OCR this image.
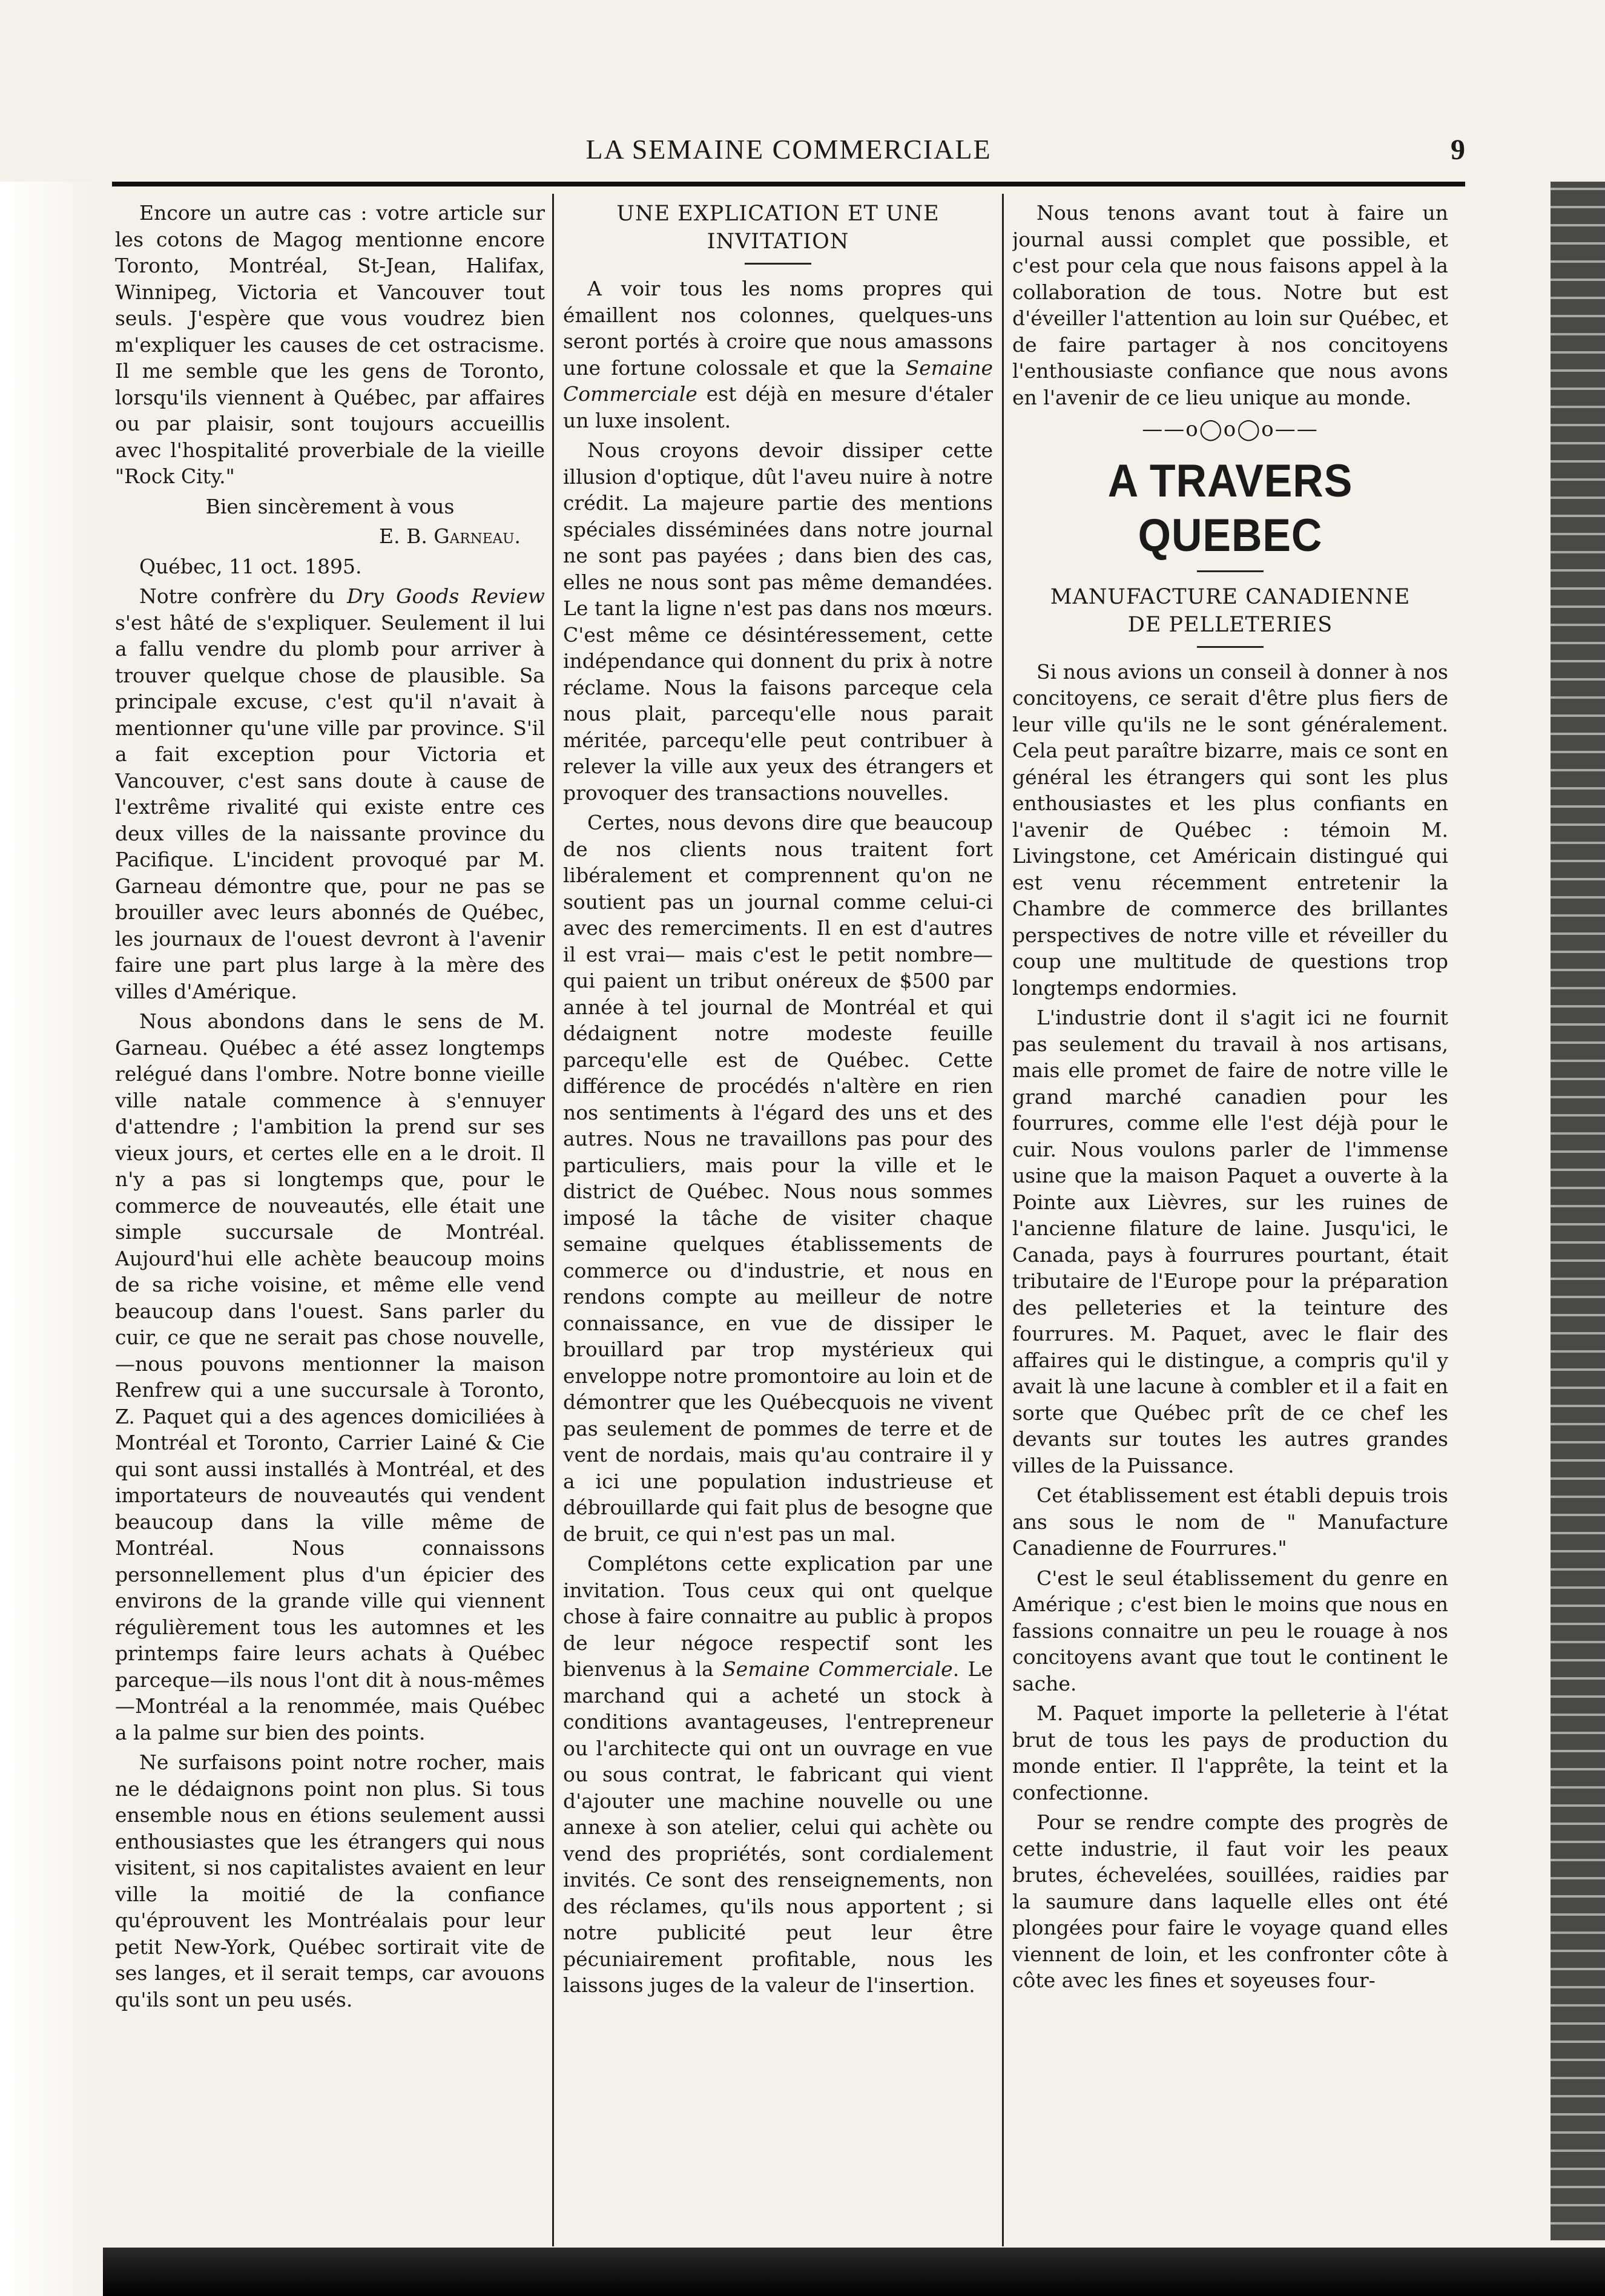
LA SEMAINE COMMERCIALE	9

Encore un autre cas : votre article sur les cotons de Magog mentionne encore Toronto, Montréal, St-Jean, Halifax, Winnipeg, Victoria et Vancouver tout seuls. J'espère que vous voudrez bien m'expliquer les causes de cet ostracisme. Il me semble que les gens de Toronto, lorsqu'ils viennent à Québec, par affaires ou par plaisir, sont toujours accueillis avec l'hospitalité proverbiale de la vieille "Rock City."

Bien sincèrement à vous

E. B. Garneau.

Québec, 11 oct. 1895.

Notre confrère du Dry Goods Review s'est hâté de s'expliquer. Seulement il lui a fallu vendre du plomb pour arriver à trouver quelque chose de plausible. Sa principale excuse, c'est qu'il n'avait à mentionner qu'une ville par province. S'il a fait exception pour Victoria et Vancouver, c'est sans doute à cause de l'extrême rivalité qui existe entre ces deux villes de la naissante province du Pacifique. L'incident provoqué par M. Garneau démontre que, pour ne pas se brouiller avec leurs abonnés de Québec, les journaux de l'ouest devront à l'avenir faire une part plus large à la mère des villes d'Amérique.

Nous abondons dans le sens de M. Garneau. Québec a été assez longtemps relégué dans l'ombre. Notre bonne vieille ville natale commence à s'ennuyer d'attendre ; l'ambition la prend sur ses vieux jours, et certes elle en a le droit. Il n'y a pas si longtemps que, pour le commerce de nouveautés, elle était une simple succursale de Montréal. Aujourd'hui elle achète beaucoup moins de sa riche voisine, et même elle vend beaucoup dans l'ouest. Sans parler du cuir, ce que ne serait pas chose nouvelle,—nous pouvons mentionner la maison Renfrew qui a une succursale à Toronto, Z. Paquet qui a des agences domiciliées à Montréal et Toronto, Carrier Lainé & Cie qui sont aussi installés à Montréal, et des importateurs de nouveautés qui vendent beaucoup dans la ville même de Montréal. Nous connaissons personnellement plus d'un épicier des environs de la grande ville qui viennent régulièrement tous les automnes et les printemps faire leurs achats à Québec parceque—ils nous l'ont dit à nous-mêmes—Montréal a la renommée, mais Québec a la palme sur bien des points.

Ne surfaisons point notre rocher, mais ne le dédaignons point non plus. Si tous ensemble nous en étions seulement aussi enthousiastes que les étrangers qui nous visitent, si nos capitalistes avaient en leur ville la moitié de la confiance qu'éprouvent les Montréalais pour leur petit New-York, Québec sortirait vite de ses langes, et il serait temps, car avouons qu'ils sont un peu usés.

UNE EXPLICATION ET UNE
INVITATION

A voir tous les noms propres qui émaillent nos colonnes, quelques-uns seront portés à croire que nous amassons une fortune colossale et que la Semaine Commerciale est déjà en mesure d'étaler un luxe insolent.

Nous croyons devoir dissiper cette illusion d'optique, dût l'aveu nuire à notre crédit. La majeure partie des mentions spéciales disséminées dans notre journal ne sont pas payées ; dans bien des cas, elles ne nous sont pas même demandées. Le tant la ligne n'est pas dans nos mœurs. C'est même ce désintéressement, cette indépendance qui donnent du prix à notre réclame. Nous la faisons parceque cela nous plait, parcequ'elle nous parait méritée, parcequ'elle peut contribuer à relever la ville aux yeux des étrangers et provoquer des transactions nouvelles.

Certes, nous devons dire que beaucoup de nos clients nous traitent fort libéralement et comprennent qu'on ne soutient pas un journal comme celui-ci avec des remerciments. Il en est d'autres il est vrai— mais c'est le petit nombre— qui paient un tribut onéreux de $500 par année à tel journal de Montréal et qui dédaignent notre modeste feuille parcequ'elle est de Québec. Cette différence de procédés n'altère en rien nos sentiments à l'égard des uns et des autres. Nous ne travaillons pas pour des particuliers, mais pour la ville et le district de Québec. Nous nous sommes imposé la tâche de visiter chaque semaine quelques établissements de commerce ou d'industrie, et nous en rendons compte au meilleur de notre connaissance, en vue de dissiper le brouillard par trop mystérieux qui enveloppe notre promontoire au loin et de démontrer que les Québecquois ne vivent pas seulement de pommes de terre et de vent de nordais, mais qu'au contraire il y a ici une population industrieuse et débrouillarde qui fait plus de besogne que de bruit, ce qui n'est pas un mal.

Complétons cette explication par une invitation. Tous ceux qui ont quelque chose à faire connaitre au public à propos de leur négoce respectif sont les bienvenus à la Semaine Commerciale. Le marchand qui a acheté un stock à conditions avantageuses, l'entrepreneur ou l'architecte qui ont un ouvrage en vue ou sous contrat, le fabricant qui vient d'ajouter une machine nouvelle ou une annexe à son atelier, celui qui achète ou vend des propriétés, sont cordialement invités. Ce sont des renseignements, non des réclames, qu'ils nous apportent ; si notre publicité peut leur être pécuniairement profitable, nous les laissons juges de la valeur de l'insertion.

Nous tenons avant tout à faire un journal aussi complet que possible, et c'est pour cela que nous faisons appel à la collaboration de tous. Notre but est d'éveiller l'attention au loin sur Québec, et de faire partager à nos concitoyens l'enthousiaste confiance que nous avons en l'avenir de ce lieu unique au monde.

——o◯o◯o——
A TRAVERS QUEBEC
MANUFACTURE CANADIENNE
DE PELLETERIES

Si nous avions un conseil à donner à nos concitoyens, ce serait d'être plus fiers de leur ville qu'ils ne le sont généralement. Cela peut paraître bizarre, mais ce sont en général les étrangers qui sont les plus enthousiastes et les plus confiants en l'avenir de Québec : témoin M. Livingstone, cet Américain distingué qui est venu récemment entretenir la Chambre de commerce des brillantes perspectives de notre ville et réveiller du coup une multitude de questions trop longtemps endormies.

L'industrie dont il s'agit ici ne fournit pas seulement du travail à nos artisans, mais elle promet de faire de notre ville le grand marché canadien pour les fourrures, comme elle l'est déjà pour le cuir. Nous voulons parler de l'immense usine que la maison Paquet a ouverte à la Pointe aux Lièvres, sur les ruines de l'ancienne filature de laine. Jusqu'ici, le Canada, pays à fourrures pourtant, était tributaire de l'Europe pour la préparation des pelleteries et la teinture des fourrures. M. Paquet, avec le flair des affaires qui le distingue, a compris qu'il y avait là une lacune à combler et il a fait en sorte que Québec prît de ce chef les devants sur toutes les autres grandes villes de la Puissance.

Cet établissement est établi depuis trois ans sous le nom de " Manufacture Canadienne de Fourrures."

C'est le seul établissement du genre en Amérique ; c'est bien le moins que nous en fassions connaitre un peu le rouage à nos concitoyens avant que tout le continent le sache.

M. Paquet importe la pelleterie à l'état brut de tous les pays de production du monde entier. Il l'apprête, la teint et la confectionne.

Pour se rendre compte des progrès de cette industrie, il faut voir les peaux brutes, échevelées, souillées, raidies par la saumure dans laquelle elles ont été plongées pour faire le voyage quand elles viennent de loin, et les confronter côte à côte avec les fines et soyeuses four-
